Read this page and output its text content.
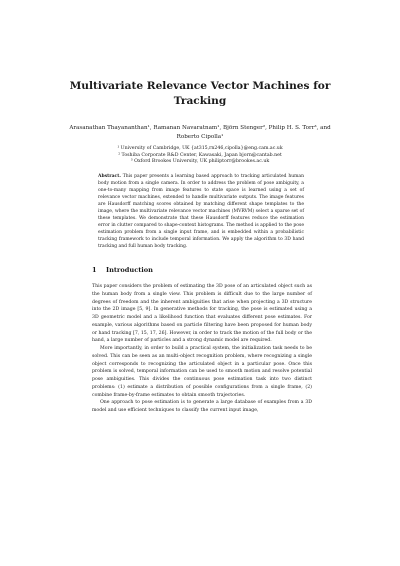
Multivariate Relevance Vector Machines for Tracking
Arasanathan Thayananthan¹, Ramanan Navaratnam¹, Björn Stenger², Philip H. S. Torr³, and Roberto Cipolla¹
¹ University of Cambridge, UK {at315,rn246,cipolla}@eng.cam.ac.uk
² Toshiba Corporate R&D Center, Kawasaki, Japan bjorn@cantab.net
³ Oxford Brookes University, UK philiptorr@brookes.ac.uk
Abstract. This paper presents a learning based approach to tracking articulated human body motion from a single camera. In order to address the problem of pose ambiguity, a one-to-many mapping from image features to state space is learned using a set of relevance vector machines, extended to handle multivariate outputs. The image features are Hausdorff matching scores obtained by matching different shape templates to the image, where the multivariate relevance vector machines (MVRVM) select a sparse set of these templates. We demonstrate that these Hausdorff features reduce the estimation error in clutter compared to shape-context histograms. The method is applied to the pose estimation problem from a single input frame, and is embedded within a probabilistic tracking framework to include temporal information. We apply the algorithm to 3D hand tracking and full human body tracking.
1 Introduction

This paper considers the problem of estimating the 3D pose of an articulated object such as the human body from a single view. This problem is difficult due to the large number of degrees of freedom and the inherent ambiguities that arise when projecting a 3D structure into the 2D image [5, 9]. In generative methods for tracking, the pose is estimated using a 3D geometric model and a likelihood function that evaluates different pose estimates. For example, various algorithms based on particle filtering have been proposed for human body or hand tracking [7, 15, 17, 26]. However, in order to track the motion of the full body or the hand, a large number of particles and a strong dynamic model are required.

More importantly, in order to build a practical system, the initialization task needs to be solved. This can be seen as an multi-object recognition problem, where recognizing a single object corresponds to recognizing the articulated object in a particular pose. Once this problem is solved, temporal information can be used to smooth motion and resolve potential pose ambiguities. This divides the continuous pose estimation task into two distinct problems: (1) estimate a distribution of possible configurations from a single frame, (2) combine frame-by-frame estimates to obtain smooth trajectories.

One approach to pose estimation is to generate a large database of examples from a 3D model and use efficient techniques to classify the current input image,
